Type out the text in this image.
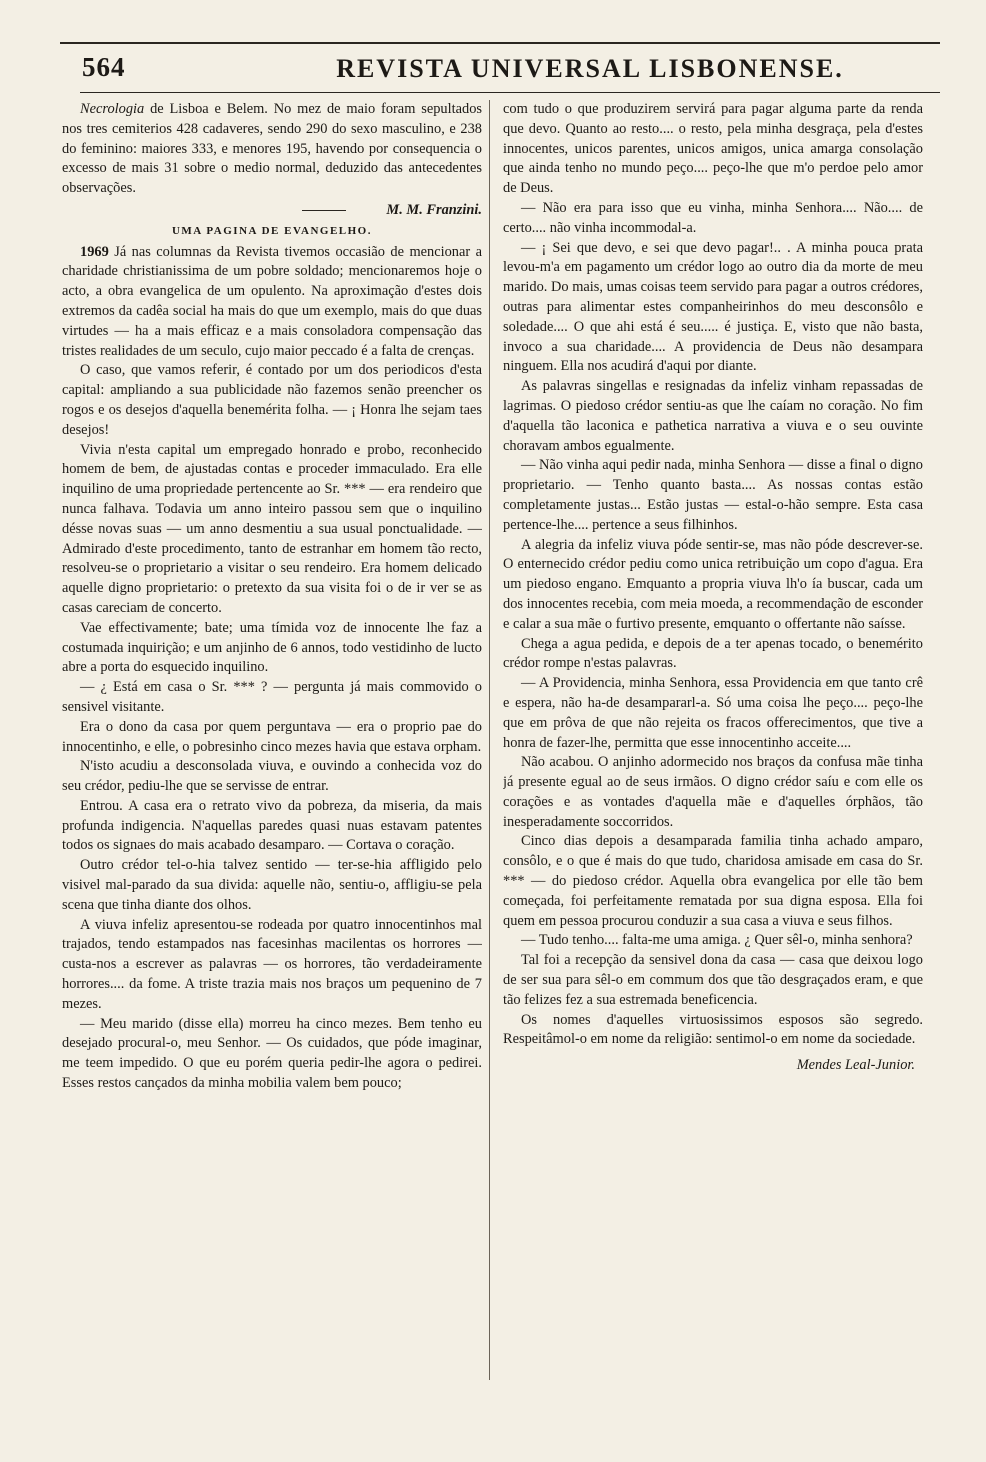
564	REVISTA UNIVERSAL LISBONENSE.

Necrologia de Lisboa e Belem. No mez de maio foram sepultados nos tres cemiterios 428 cadaveres, sendo 290 do sexo masculino, e 238 do feminino: maiores 333, e menores 195, havendo por consequencia o excesso de mais 31 sobre o medio normal, deduzido das antecedentes observações.

M. M. Franzini.

UMA PAGINA DE EVANGELHO.

1969 Já nas columnas da Revista tivemos occasião de mencionar a charidade christianissima de um pobre soldado; mencionaremos hoje o acto, a obra evangelica de um opulento. Na aproximação d'estes dois extremos da cadêa social ha mais do que um exemplo, mais do que duas virtudes — ha a mais efficaz e a mais consoladora compensação das tristes realidades de um seculo, cujo maior peccado é a falta de crenças.

O caso, que vamos referir, é contado por um dos periodicos d'esta capital: ampliando a sua publicidade não fazemos senão preencher os rogos e os desejos d'aquella benemérita folha. — ¡ Honra lhe sejam taes desejos!

Vivia n'esta capital um empregado honrado e probo, reconhecido homem de bem, de ajustadas contas e proceder immaculado. Era elle inquilino de uma propriedade pertencente ao Sr. *** — era rendeiro que nunca falhava. Todavia um anno inteiro passou sem que o inquilino désse novas suas — um anno desmentiu a sua usual ponctualidade. — Admirado d'este procedimento, tanto de estranhar em homem tão recto, resolveu-se o proprietario a visitar o seu rendeiro. Era homem delicado aquelle digno proprietario: o pretexto da sua visita foi o de ir ver se as casas careciam de concerto.

Vae effectivamente; bate; uma tímida voz de innocente lhe faz a costumada inquirição; e um anjinho de 6 annos, todo vestidinho de lucto abre a porta do esquecido inquilino.

— ¿ Está em casa o Sr. *** ? — pergunta já mais commovido o sensivel visitante.

Era o dono da casa por quem perguntava — era o proprio pae do innocentinho, e elle, o pobresinho cinco mezes havia que estava orpham.

N'isto acudiu a desconsolada viuva, e ouvindo a conhecida voz do seu crédor, pediu-lhe que se servisse de entrar.

Entrou. A casa era o retrato vivo da pobreza, da miseria, da mais profunda indigencia. N'aquellas paredes quasi nuas estavam patentes todos os signaes do mais acabado desamparo. — Cortava o coração.

Outro crédor tel-o-hia talvez sentido — ter-se-hia affligido pelo visivel mal-parado da sua divida: aquelle não, sentiu-o, affligiu-se pela scena que tinha diante dos olhos.

A viuva infeliz apresentou-se rodeada por quatro innocentinhos mal trajados, tendo estampados nas facesinhas macilentas os horrores — custa-nos a escrever as palavras — os horrores, tão verdadeiramente horrores.... da fome. A triste trazia mais nos braços um pequenino de 7 mezes.

— Meu marido (disse ella) morreu ha cinco mezes. Bem tenho eu desejado procural-o, meu Senhor. — Os cuidados, que póde imaginar, me teem impedido. O que eu porém queria pedir-lhe agora o pedirei. Esses restos cançados da minha mobilia valem bem pouco;

com tudo o que produzirem servirá para pagar alguma parte da renda que devo. Quanto ao resto.... o resto, pela minha desgraça, pela d'estes innocentes, unicos parentes, unicos amigos, unica amarga consolação que ainda tenho no mundo peço.... peço-lhe que m'o perdoe pelo amor de Deus.

— Não era para isso que eu vinha, minha Senhora.... Não.... de certo.... não vinha incommodal-a.

— ¡ Sei que devo, e sei que devo pagar!.. . A minha pouca prata levou-m'a em pagamento um crédor logo ao outro dia da morte de meu marido. Do mais, umas coisas teem servido para pagar a outros crédores, outras para alimentar estes companheirinhos do meu desconsôlo e soledade.... O que ahi está é seu..... é justiça. E, visto que não basta, invoco a sua charidade.... A providencia de Deus não desampara ninguem. Ella nos acudirá d'aqui por diante.

As palavras singellas e resignadas da infeliz vinham repassadas de lagrimas. O piedoso crédor sentiu-as que lhe caíam no coração. No fim d'aquella tão laconica e pathetica narrativa a viuva e o seu ouvinte choravam ambos egualmente.

— Não vinha aqui pedir nada, minha Senhora — disse a final o digno proprietario. — Tenho quanto basta.... As nossas contas estão completamente justas... Estão justas — estal-o-hão sempre. Esta casa pertence-lhe.... pertence a seus filhinhos.

A alegria da infeliz viuva póde sentir-se, mas não póde descrever-se. O enternecido crédor pediu como unica retribuição um copo d'agua. Era um piedoso engano. Emquanto a propria viuva lh'o ía buscar, cada um dos innocentes recebia, com meia moeda, a recommendação de esconder e calar a sua mãe o furtivo presente, emquanto o offertante não saísse.

Chega a agua pedida, e depois de a ter apenas tocado, o benemérito crédor rompe n'estas palavras.

— A Providencia, minha Senhora, essa Providencia em que tanto crê e espera, não ha-de desampararl-a. Só uma coisa lhe peço.... peço-lhe que em prôva de que não rejeita os fracos offerecimentos, que tive a honra de fazer-lhe, permitta que esse innocentinho acceite....

Não acabou. O anjinho adormecido nos braços da confusa mãe tinha já presente egual ao de seus irmãos. O digno crédor saíu e com elle os corações e as vontades d'aquella mãe e d'aquelles órphãos, tão inesperadamente soccorridos.

Cinco dias depois a desamparada familia tinha achado amparo, consôlo, e o que é mais do que tudo, charidosa amisade em casa do Sr. *** — do piedoso crédor. Aquella obra evangelica por elle tão bem começada, foi perfeitamente rematada por sua digna esposa. Ella foi quem em pessoa procurou conduzir a sua casa a viuva e seus filhos.

— Tudo tenho.... falta-me uma amiga. ¿ Quer sêl-o, minha senhora?

Tal foi a recepção da sensivel dona da casa — casa que deixou logo de ser sua para sêl-o em commum dos que tão desgraçados eram, e que tão felizes fez a sua estremada beneficencia.

Os nomes d'aquelles virtuosissimos esposos são segredo. Respeitâmol-o em nome da religião: sentimol-o em nome da sociedade.

Mendes Leal-Junior.
